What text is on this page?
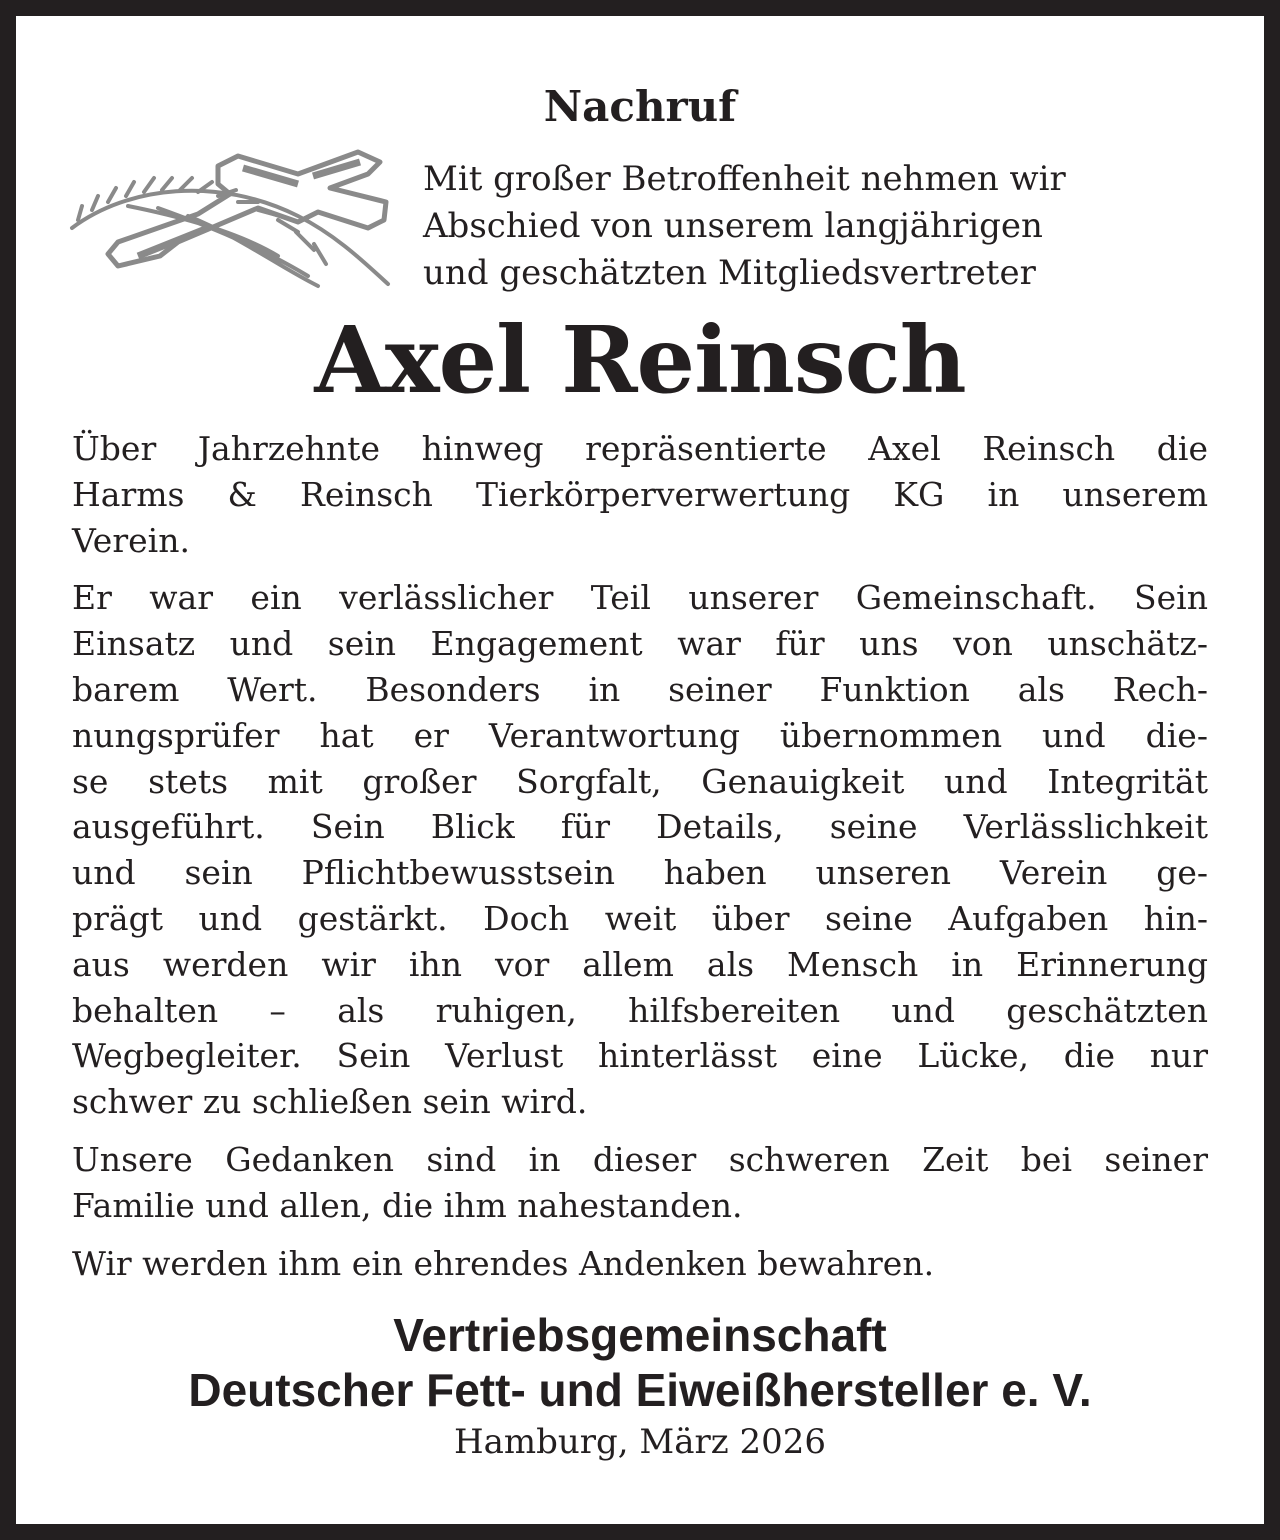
Nachruf
Mit großer Betroffenheit nehmen wir
Abschied von unserem langjährigen
und geschätzten Mitgliedsvertreter
Axel Reinsch
Über Jahrzehnte hinweg repräsentierte Axel Reinsch die
Harms & Reinsch Tierkörperverwertung KG in unserem
Verein.
Er war ein verlässlicher Teil unserer Gemeinschaft. Sein
Einsatz und sein Engagement war für uns von unschätz-
barem Wert. Besonders in seiner Funktion als Rech-
nungsprüfer hat er Verantwortung übernommen und die-
se stets mit großer Sorgfalt, Genauigkeit und Integrität
ausgeführt. Sein Blick für Details, seine Verlässlichkeit
und sein Pflichtbewusstsein haben unseren Verein ge-
prägt und gestärkt. Doch weit über seine Aufgaben hin-
aus werden wir ihn vor allem als Mensch in Erinnerung
behalten – als ruhigen, hilfsbereiten und geschätzten
Wegbegleiter. Sein Verlust hinterlässt eine Lücke, die nur
schwer zu schließen sein wird.
Unsere Gedanken sind in dieser schweren Zeit bei seiner
Familie und allen, die ihm nahestanden.
Wir werden ihm ein ehrendes Andenken bewahren.
Vertriebsgemeinschaft
Deutscher Fett- und Eiweißhersteller e. V.
Hamburg, März 2026
